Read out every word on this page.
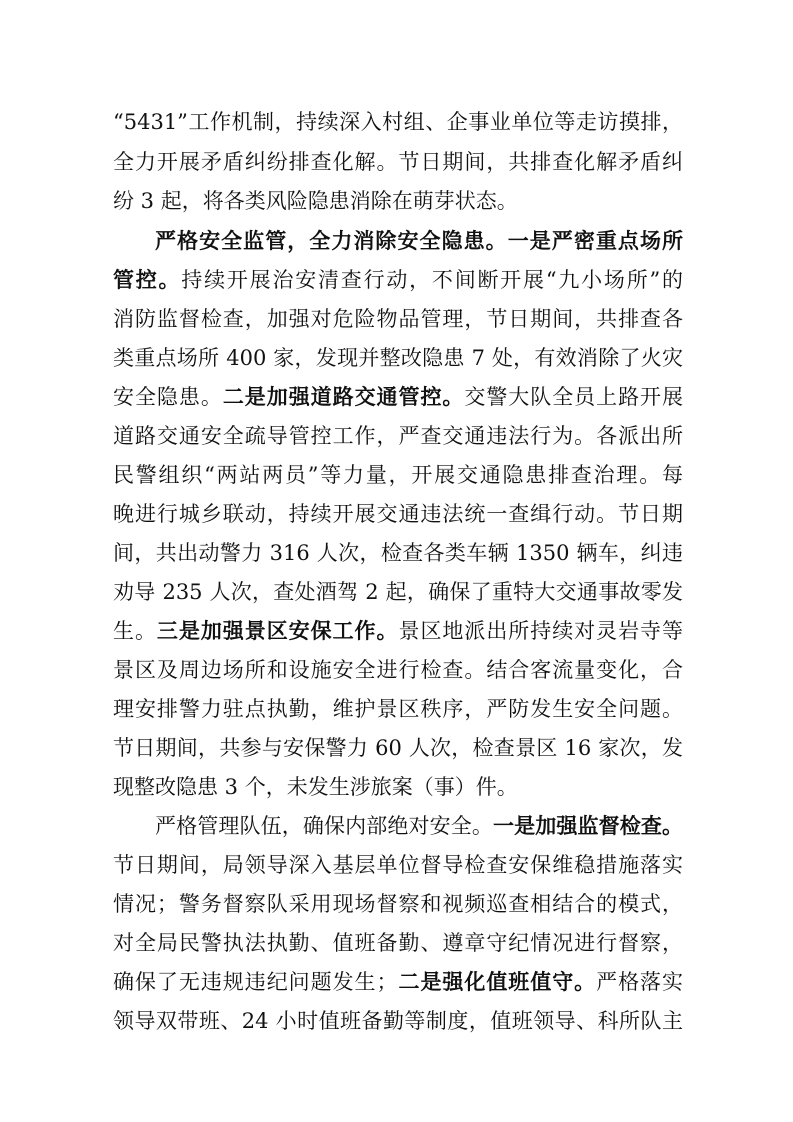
“5431”工作机制，持续深入村组、企事业单位等走访摸排，
全力开展矛盾纠纷排查化解。节日期间，共排查化解矛盾纠
纷 3 起，将各类风险隐患消除在萌芽状态。
严格安全监管，全力消除安全隐患。一是严密重点场所
管控。持续开展治安清查行动，不间断开展“九小场所”的
消防监督检查，加强对危险物品管理，节日期间，共排查各
类重点场所 400 家，发现并整改隐患 7 处，有效消除了火灾
安全隐患。二是加强道路交通管控。交警大队全员上路开展
道路交通安全疏导管控工作，严查交通违法行为。各派出所
民警组织“两站两员”等力量，开展交通隐患排查治理。每
晚进行城乡联动，持续开展交通违法统一查缉行动。节日期
间，共出动警力 316 人次，检查各类车辆 1350 辆车，纠违
劝导 235 人次，查处酒驾 2 起，确保了重特大交通事故零发
生。三是加强景区安保工作。景区地派出所持续对灵岩寺等
景区及周边场所和设施安全进行检查。结合客流量变化，合
理安排警力驻点执勤，维护景区秩序，严防发生安全问题。
节日期间，共参与安保警力 60 人次，检查景区 16 家次，发
现整改隐患 3 个，未发生涉旅案（事）件。
严格管理队伍，确保内部绝对安全。一是加强监督检查。
节日期间，局领导深入基层单位督导检查安保维稳措施落实
情况；警务督察队采用现场督察和视频巡查相结合的模式，
对全局民警执法执勤、值班备勤、遵章守纪情况进行督察，
确保了无违规违纪问题发生；二是强化值班值守。严格落实
领导双带班、24 小时值班备勤等制度，值班领导、科所队主
